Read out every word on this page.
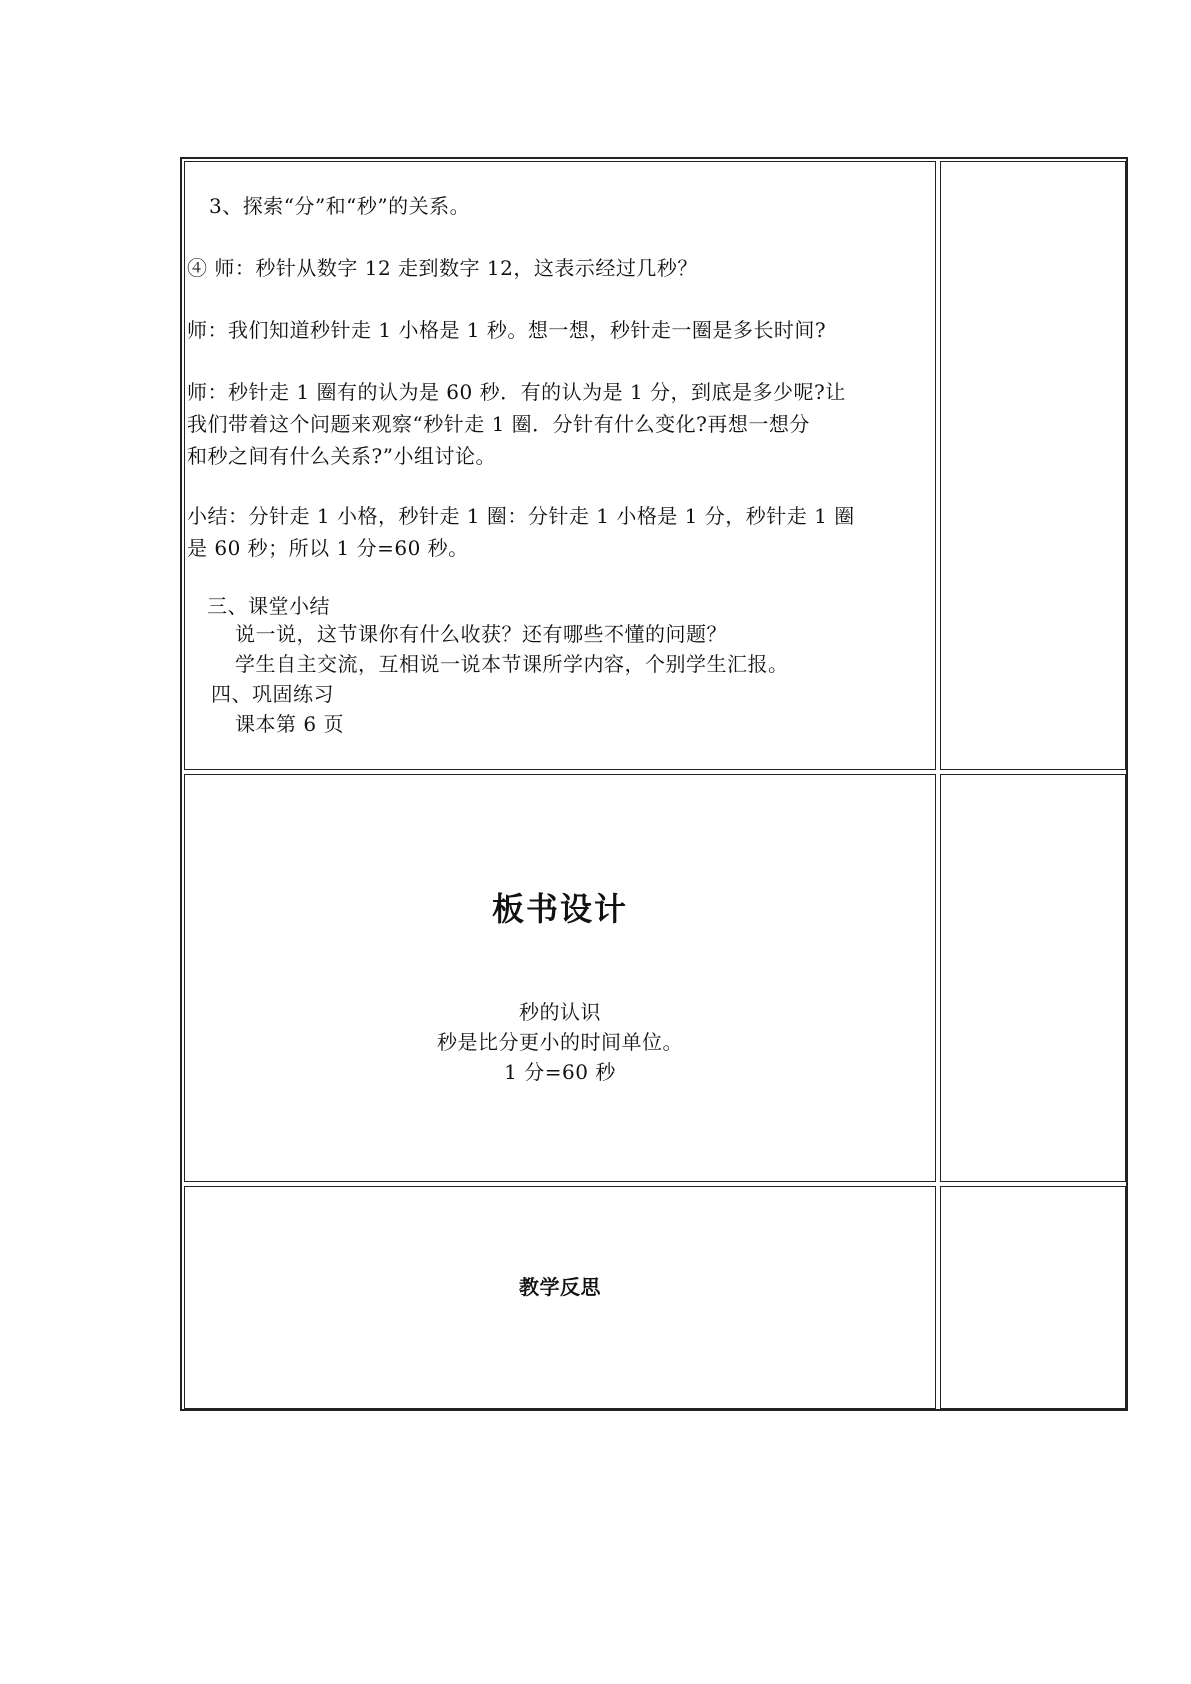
3、探索“分”和“秒”的关系。
④ 师：秒针从数字 12 走到数字 12，这表示经过几秒？
师：我们知道秒针走 1 小格是 1 秒。想一想，秒针走一圈是多长时间?
师：秒针走 1 圈有的认为是 60 秒．有的认为是 1 分，到底是多少呢?让
我们带着这个问题来观察“秒针走 1 圈．分针有什么变化?再想一想分
和秒之间有什么关系?”小组讨论。
小结：分针走 1 小格，秒针走 1 圈：分针走 1 小格是 1 分，秒针走 1 圈
是 60 秒；所以 1 分=60 秒。
三、课堂小结
说一说，这节课你有什么收获？还有哪些不懂的问题？
学生自主交流，互相说一说本节课所学内容，个别学生汇报。
四、巩固练习
课本第 6 页
板书设计
秒的认识
秒是比分更小的时间单位。
1 分=60 秒
教学反思
